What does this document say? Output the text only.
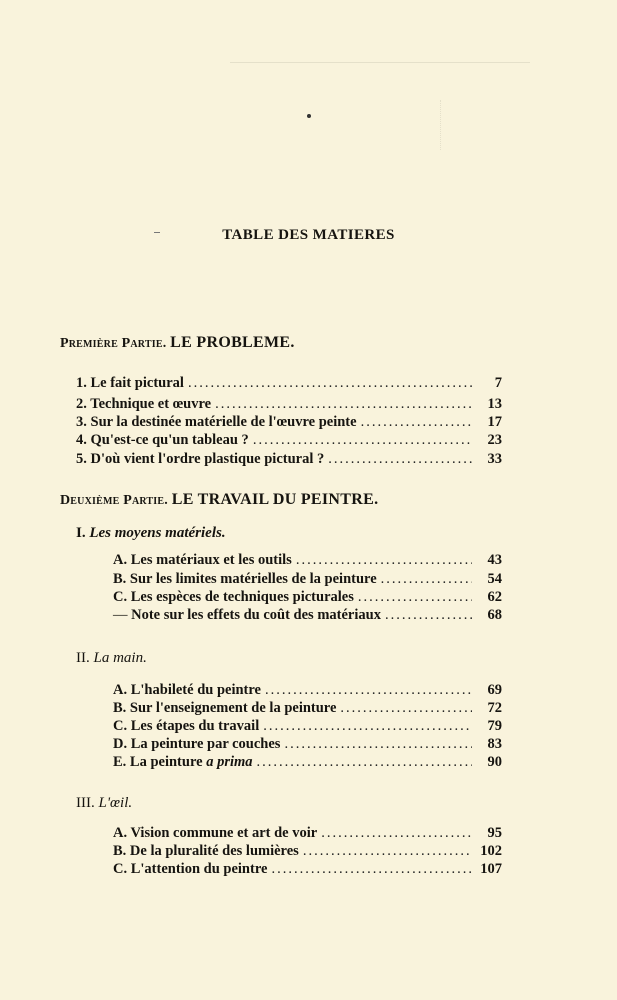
TABLE DES MATIERES
Première Partie. LE PROBLEME.
1. Le fait pictural .....	7
2. Technique et œuvre .....	13
3. Sur la destinée matérielle de l'œuvre peinte .....	17
4. Qu'est-ce qu'un tableau ? .....	23
5. D'où vient l'ordre plastique pictural ? .....	33
Deuxième Partie. LE TRAVAIL DU PEINTRE.
I. Les moyens matériels.
A. Les matériaux et les outils .....	43
B. Sur les limites matérielles de la peinture .....	54
C. Les espèces de techniques picturales .....	62
— Note sur les effets du coût des matériaux .....	68
II. La main.
A. L'habileté du peintre .....	69
B. Sur l'enseignement de la peinture .....	72
C. Les étapes du travail .....	79
D. La peinture par couches .....	83
E. La peinture a prima .....	90
III. L'œil.
A. Vision commune et art de voir .....	95
B. De la pluralité des lumières .....	102
C. L'attention du peintre .....	107
